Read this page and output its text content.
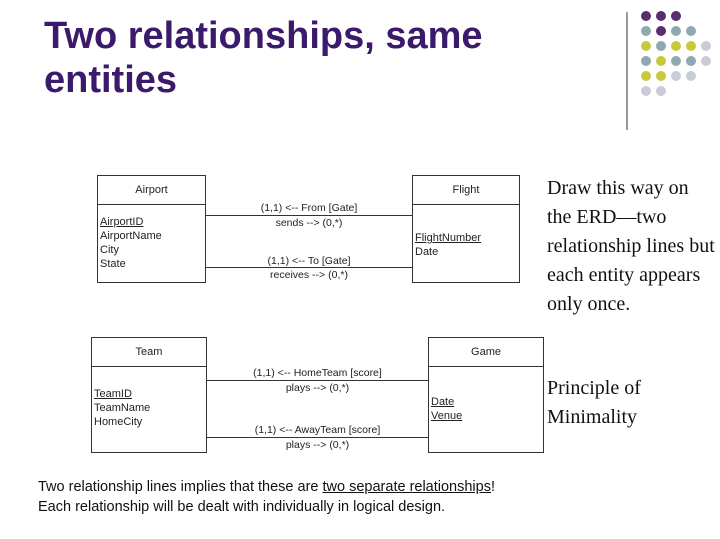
Two relationships, same entities
Airport
AirportID
AirportName
City
State
Flight
FlightNumber
Date
(1,1) <-- From [Gate]
sends --> (0,*)
(1,1) <-- To [Gate]
receives --> (0,*)
Team
TeamID
TeamName
HomeCity
Game
Date
Venue
(1,1) <-- HomeTeam [score]
plays --> (0,*)
(1,1) <-- AwayTeam [score]
plays --> (0,*)
Draw this way on the ERD—two relationship lines but each entity appears only once.
Principle of Minimality
Two relationship lines implies that these are two separate relationships!
Each relationship will be dealt with individually in logical design.
